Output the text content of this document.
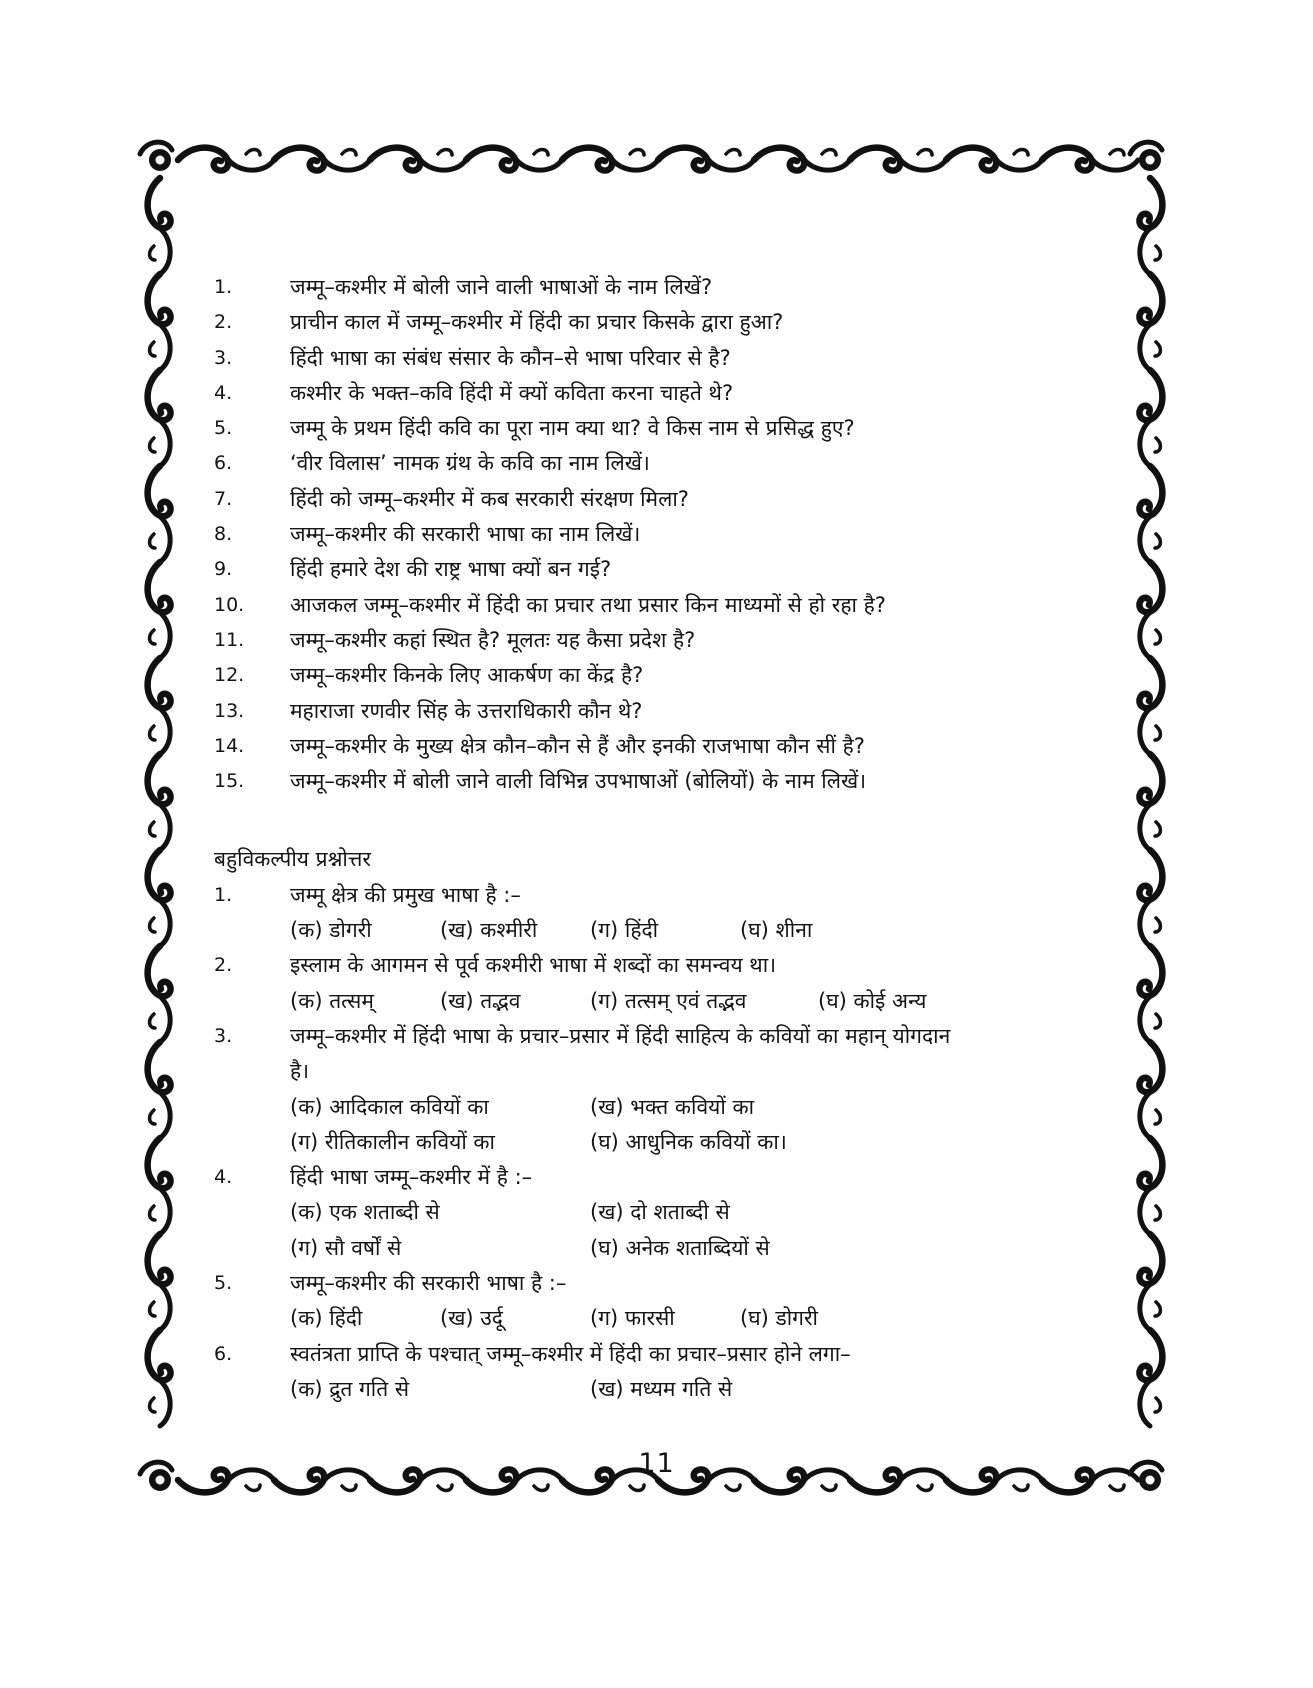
1.	जम्मू–कश्मीर में बोली जाने वाली भाषाओं के नाम लिखें?
2.	प्राचीन काल में जम्मू–कश्मीर में हिंदी का प्रचार किसके द्वारा हुआ?
3.	हिंदी भाषा का संबंध संसार के कौन–से भाषा परिवार से है?
4.	कश्मीर के भक्त–कवि हिंदी में क्यों कविता करना चाहते थे?
5.	जम्मू के प्रथम हिंदी कवि का पूरा नाम क्या था? वे किस नाम से प्रसिद्ध हुए?
6.	‘वीर विलास’ नामक ग्रंथ के कवि का नाम लिखें।
7.	हिंदी को जम्मू–कश्मीर में कब सरकारी संरक्षण मिला?
8.	जम्मू–कश्मीर की सरकारी भाषा का नाम लिखें।
9.	हिंदी हमारे देश की राष्ट्र भाषा क्यों बन गई?
10. आजकल जम्मू–कश्मीर में हिंदी का प्रचार तथा प्रसार किन माध्यमों से हो रहा है?
11. जम्मू–कश्मीर कहां स्थित है? मूलतः यह कैसा प्रदेश है?
12. जम्मू–कश्मीर किनके लिए आकर्षण का केंद्र है?
13. महाराजा रणवीर सिंह के उत्तराधिकारी कौन थे?
14. जम्मू–कश्मीर के मुख्य क्षेत्र कौन–कौन से हैं और इनकी राजभाषा कौन सीं है?
15. जम्मू–कश्मीर में बोली जाने वाली विभिन्न उपभाषाओं (बोलियों) के नाम लिखें।
बहुविकल्पीय प्रश्नोत्तर
1.	जम्मू क्षेत्र की प्रमुख भाषा है :–
(क) डोगरी	(ख) कश्मीरी	(ग) हिंदी	(घ) शीना
2.	इस्लाम के आगमन से पूर्व कश्मीरी भाषा में शब्दों का समन्वय था।
(क) तत्सम्	(ख) तद्भव	(ग) तत्सम् एवं तद्भव	(घ) कोई अन्य
3.	जम्मू–कश्मीर में हिंदी भाषा के प्रचार–प्रसार में हिंदी साहित्य के कवियों का महान् योगदान
है।
(क) आदिकाल कवियों का	(ख) भक्त कवियों का
(ग) रीतिकालीन कवियों का	(घ) आधुनिक कवियों का।
4.	हिंदी भाषा जम्मू–कश्मीर में है :–
(क) एक शताब्दी से	(ख) दो शताब्दी से
(ग) सौ वर्षों से	(घ) अनेक शताब्दियों से
5.	जम्मू–कश्मीर की सरकारी भाषा है :–
(क) हिंदी	(ख) उर्दू	(ग) फारसी	(घ) डोगरी
6.	स्वतंत्रता प्राप्ति के पश्चात् जम्मू–कश्मीर में हिंदी का प्रचार–प्रसार होने लगा–
(क) द्रुत गति से	(ख) मध्यम गति से
11
